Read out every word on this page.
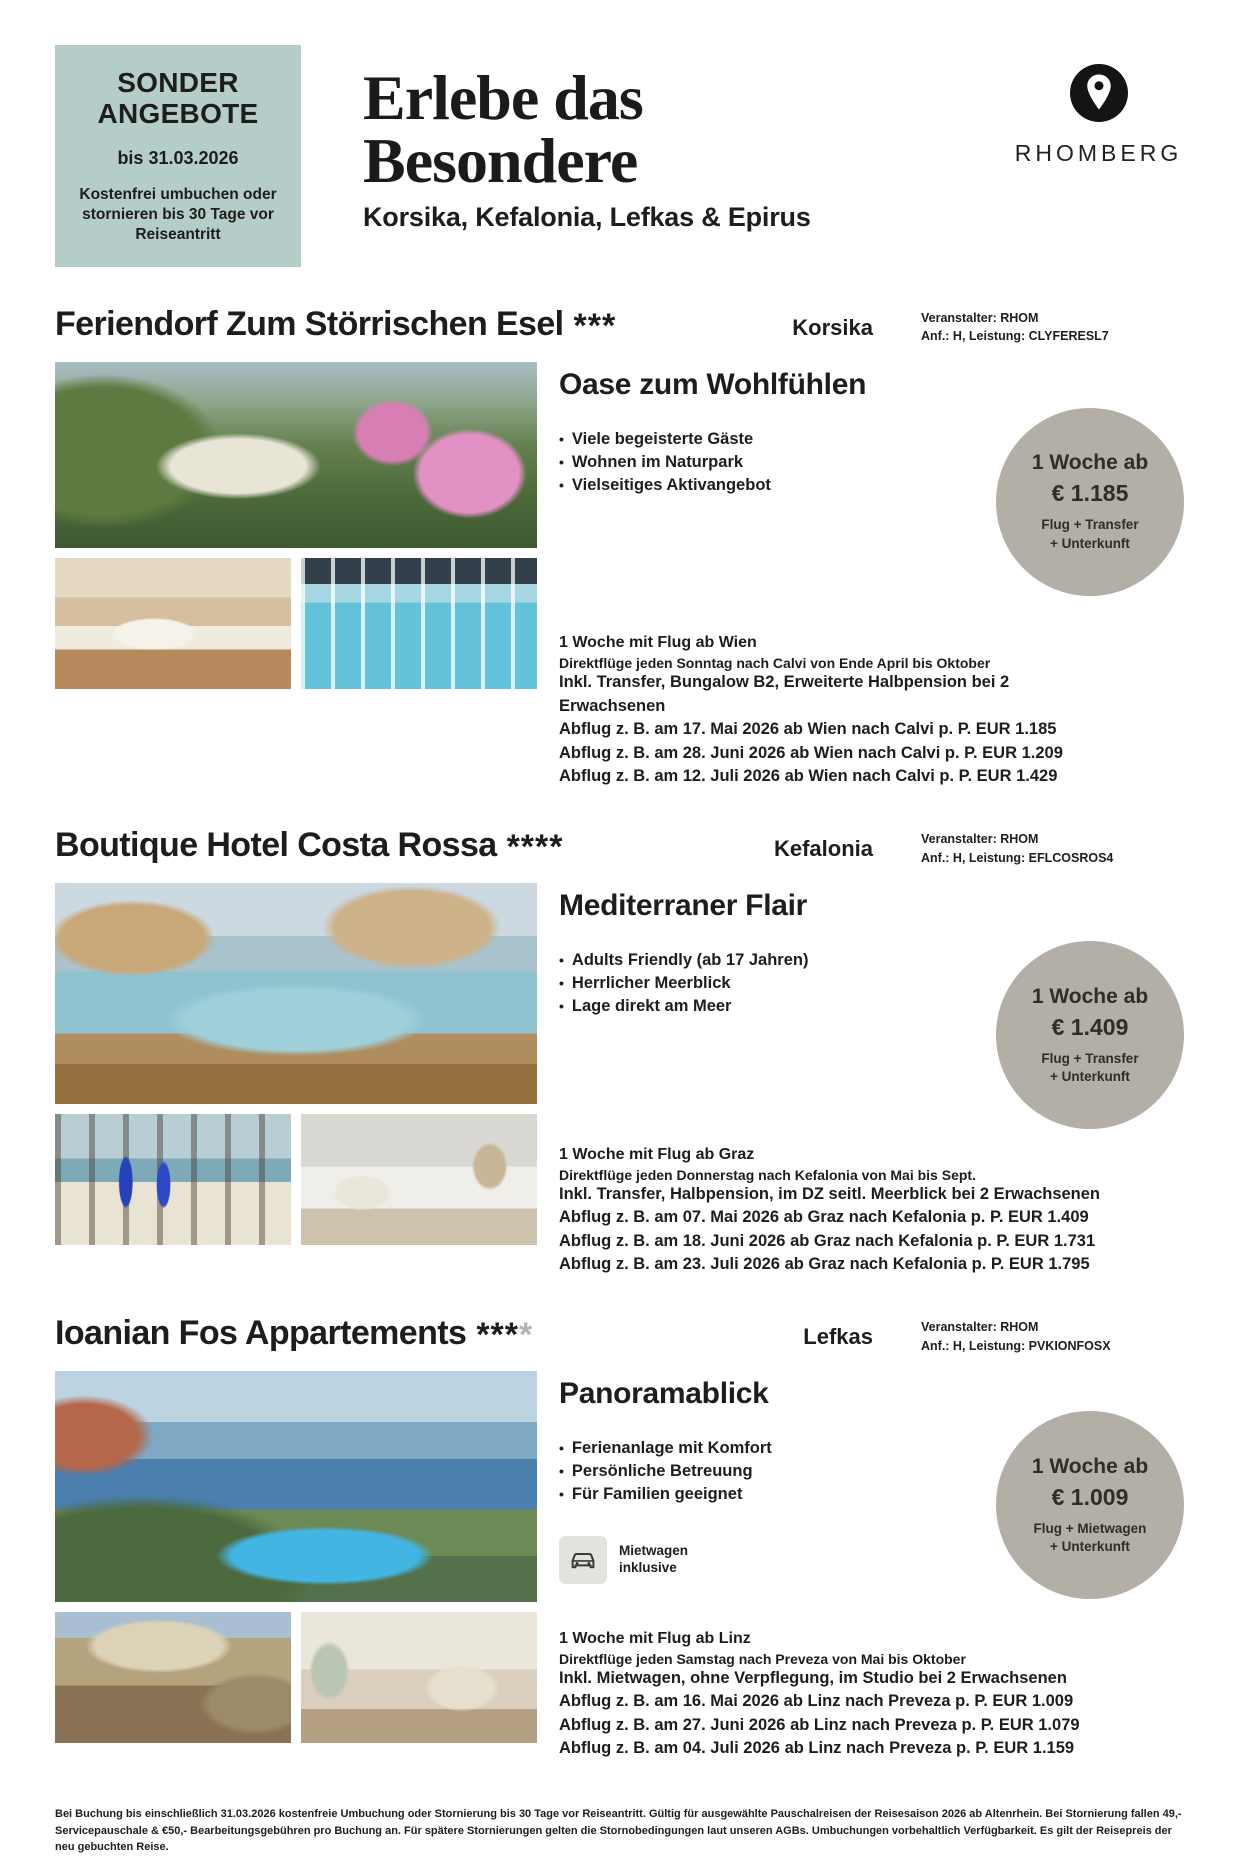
SONDER ANGEBOTE
bis 31.03.2026
Kostenfrei umbuchen oder stornieren bis 30 Tage vor Reiseantritt
Erlebe das
Besondere
Korsika, Kefalonia, Lefkas & Epirus
RHOMBERG
Feriendorf Zum Störrischen Esel ***	Korsika	Veranstalter: RHOM
Anf.: H, Leistung: CLYFERESL7
Oase zum Wohlfühlen
• Viele begeisterte Gäste
• Wohnen im Naturpark
• Vielseitiges Aktivangebot
1 Woche ab
€ 1.185
Flug + Transfer
+ Unterkunft
1 Woche mit Flug ab Wien
Direktflüge jeden Sonntag nach Calvi von Ende April bis Oktober
Inkl. Transfer, Bungalow B2, Erweiterte Halbpension bei 2 Erwachsenen
Abflug z. B. am 17. Mai 2026 ab Wien nach Calvi p. P. EUR 1.185
Abflug z. B. am 28. Juni 2026 ab Wien nach Calvi p. P. EUR 1.209
Abflug z. B. am 12. Juli 2026 ab Wien nach Calvi p. P. EUR 1.429
Boutique Hotel Costa Rossa ****	Kefalonia	Veranstalter: RHOM
Anf.: H, Leistung: EFLCOSROS4
Mediterraner Flair
• Adults Friendly (ab 17 Jahren)
• Herrlicher Meerblick
• Lage direkt am Meer	1 Woche ab
€ 1.409
Flug + Transfer
+ Unterkunft
1 Woche mit Flug ab Graz
Direktflüge jeden Donnerstag nach Kefalonia von Mai bis Sept.
Inkl. Transfer, Halbpension, im DZ seitl. Meerblick bei 2 Erwachsenen
Abflug z. B. am 07. Mai 2026 ab Graz nach Kefalonia p. P. EUR 1.409
Abflug z. B. am 18. Juni 2026 ab Graz nach Kefalonia p. P. EUR 1.731
Abflug z. B. am 23. Juli 2026 ab Graz nach Kefalonia p. P. EUR 1.795
Ioanian Fos Appartements ****	Lefkas	Veranstalter: RHOM
Anf.: H, Leistung: PVKIONFOSX
Panoramablick
• Ferienanlage mit Komfort
• Persönliche Betreuung
• Für Familien geeignet
Mietwagen
inklusive
1 Woche ab
€ 1.009
Flug + Mietwagen
+ Unterkunft
1 Woche mit Flug ab Linz
Direktflüge jeden Samstag nach Preveza von Mai bis Oktober
Inkl. Mietwagen, ohne Verpflegung, im Studio bei 2 Erwachsenen
Abflug z. B. am 16. Mai 2026 ab Linz nach Preveza p. P. EUR 1.009
Abflug z. B. am 27. Juni 2026 ab Linz nach Preveza p. P. EUR 1.079
Abflug z. B. am 04. Juli 2026 ab Linz nach Preveza p. P. EUR 1.159
Bei Buchung bis einschließlich 31.03.2026 kostenfreie Umbuchung oder Stornierung bis 30 Tage vor Reiseantritt. Gültig für ausgewählte Pauschalreisen der Reisesaison 2026 ab Altenrhein. Bei Stornierung fallen 49,- Servicepauschale & €50,- Bearbeitungsgebühren pro Buchung an. Für spätere Stornierungen gelten die Stornobedingungen laut unseren AGBs. Umbuchungen vorbehaltlich Verfügbarkeit. Es gilt der Reisepreis der neu gebuchten Reise.
